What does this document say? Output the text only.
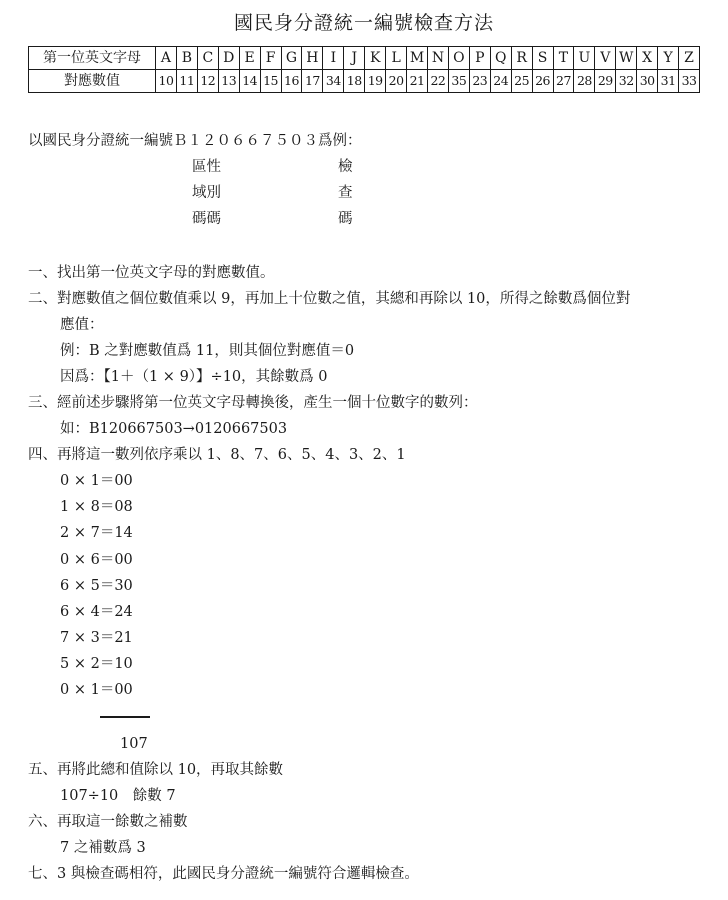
國民身分證統一編號檢查方法
第一位英文字母	A	B	C	D	E	F	G	H	I	J	K	L	M	N	O	P	Q	R	S	T	U	V	W	X	Y	Z
對應數值	10	11	12	13	14	15	16	17	34	18	19	20	21	22	35	23	24	25	26	27	28	29	32	30	31	33
以國民身分證統一編號Ｂ１２０６６７５０３爲例：
區性
域別
碼碼
檢
查
碼
一、找出第一位英文字母的對應數值。
二、對應數值之個位數值乘以 9，再加上十位數之值，其總和再除以 10，所得之餘數爲個位對
應值：
例：B 之對應數值爲 11，則其個位對應值＝0
因爲：【1＋（1 × 9）】÷10，其餘數爲 0
三、經前述步驟將第一位英文字母轉換後，產生一個十位數字的數列：
如：B120667503→0120667503
四、再將這一數列依序乘以 1、8、7、6、5、4、3、2、1
0 × 1＝00
1 × 8＝08
2 × 7＝14
0 × 6＝00
6 × 5＝30
6 × 4＝24
7 × 3＝21
5 × 2＝10
0 × 1＝00
107
五、再將此總和值除以 10，再取其餘數
107÷10　餘數 7
六、再取這一餘數之補數
7 之補數爲 3
七、3 與檢查碼相符，此國民身分證統一編號符合邏輯檢查。
